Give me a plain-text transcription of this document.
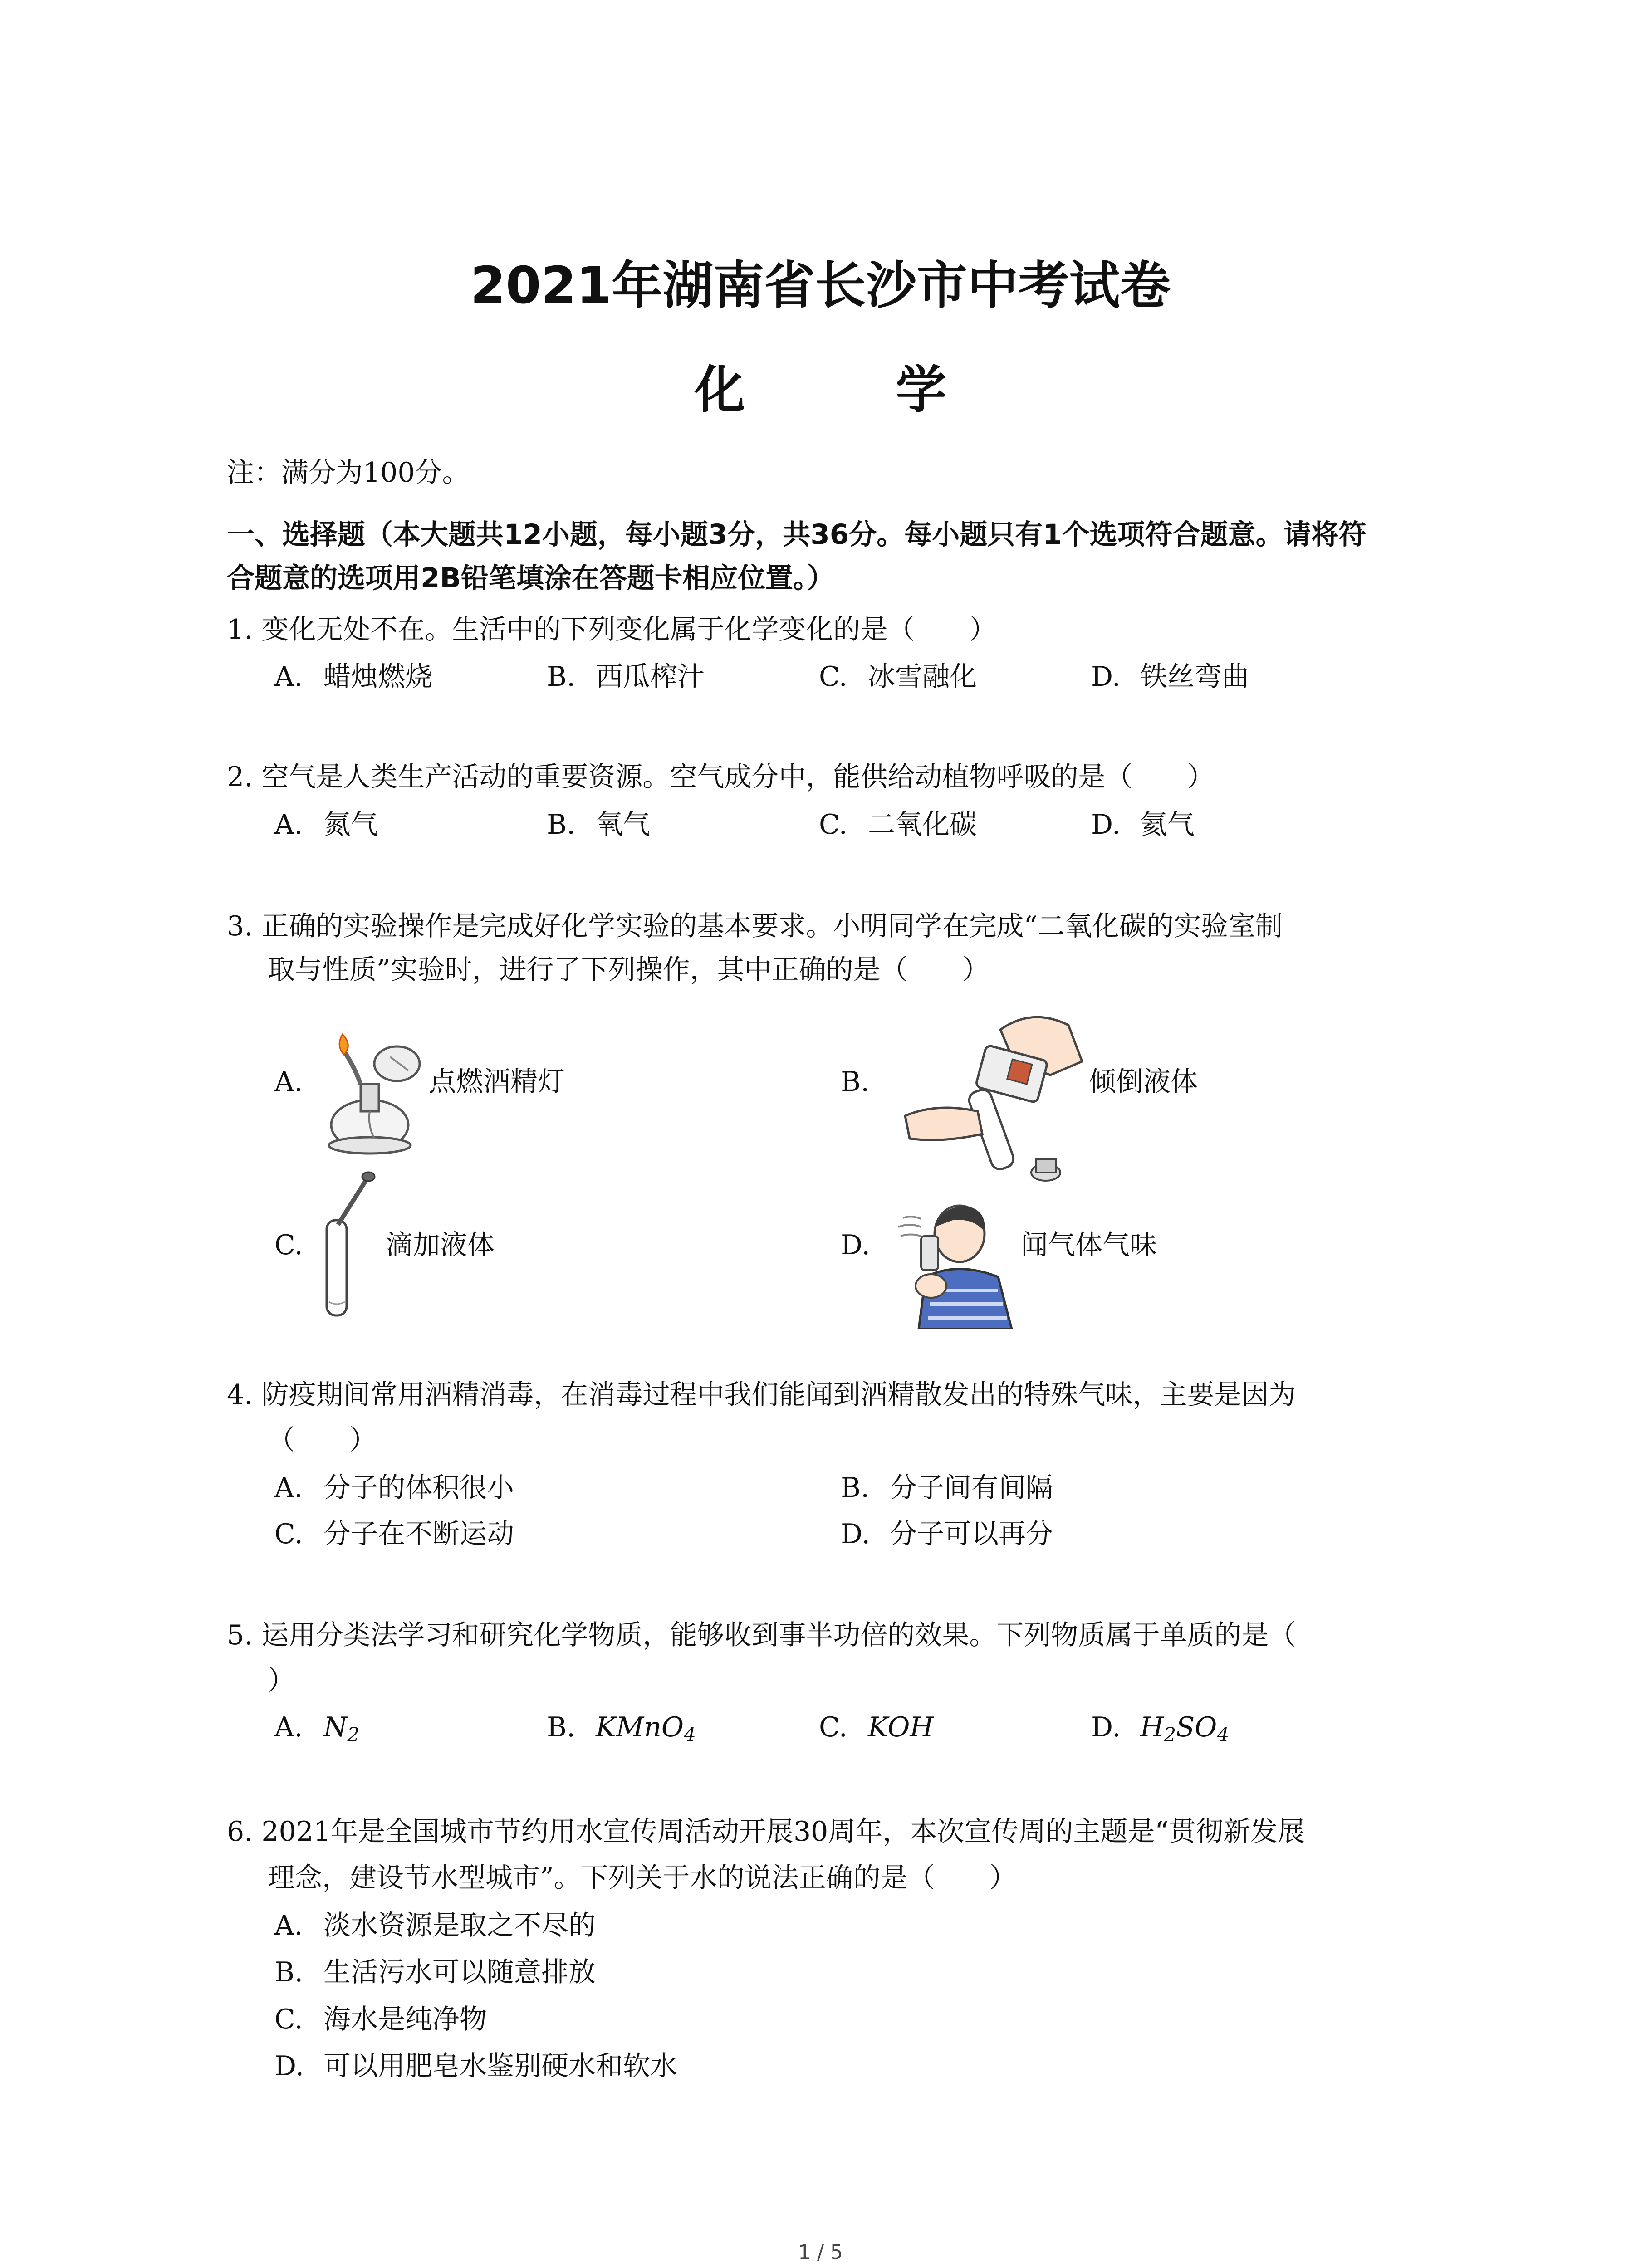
2021年湖南省长沙市中考试卷
化　学
注：满分为100分。
一、选择题（本大题共12小题，每小题3分，共36分。每小题只有1个选项符合题意。请将符
合题意的选项用2B铅笔填涂在答题卡相应位置。）
1. 变化无处不在。生活中的下列变化属于化学变化的是（　　）
A. 蜡烛燃烧	B. 西瓜榨汁	C. 冰雪融化	D. 铁丝弯曲
2. 空气是人类生产活动的重要资源。空气成分中，能供给动植物呼吸的是（　　）
A. 氮气	B. 氧气	C. 二氧化碳	D. 氦气
3. 正确的实验操作是完成好化学实验的基本要求。小明同学在完成“二氧化碳的实验室制
取与性质”实验时，进行了下列操作，其中正确的是（　　）
A.	点燃酒精灯	B.	倾倒液体
C.	滴加液体	D.	闻气体气味
4. 防疫期间常用酒精消毒，在消毒过程中我们能闻到酒精散发出的特殊气味，主要是因为
（　　）
A. 分子的体积很小	B. 分子间有间隔
C. 分子在不断运动	D. 分子可以再分
5. 运用分类法学习和研究化学物质，能够收到事半功倍的效果。下列物质属于单质的是（
）
A. $N_2$	B. KMnO$_4$	C. KOH	D. $H_2SO_4$
6. 2021年是全国城市节约用水宣传周活动开展30周年，本次宣传周的主题是“贯彻新发展
理念，建设节水型城市”。下列关于水的说法正确的是（　　）
A. 淡水资源是取之不尽的
B. 生活污水可以随意排放
C. 海水是纯净物
D. 可以用肥皂水鉴别硬水和软水
1 / 5
